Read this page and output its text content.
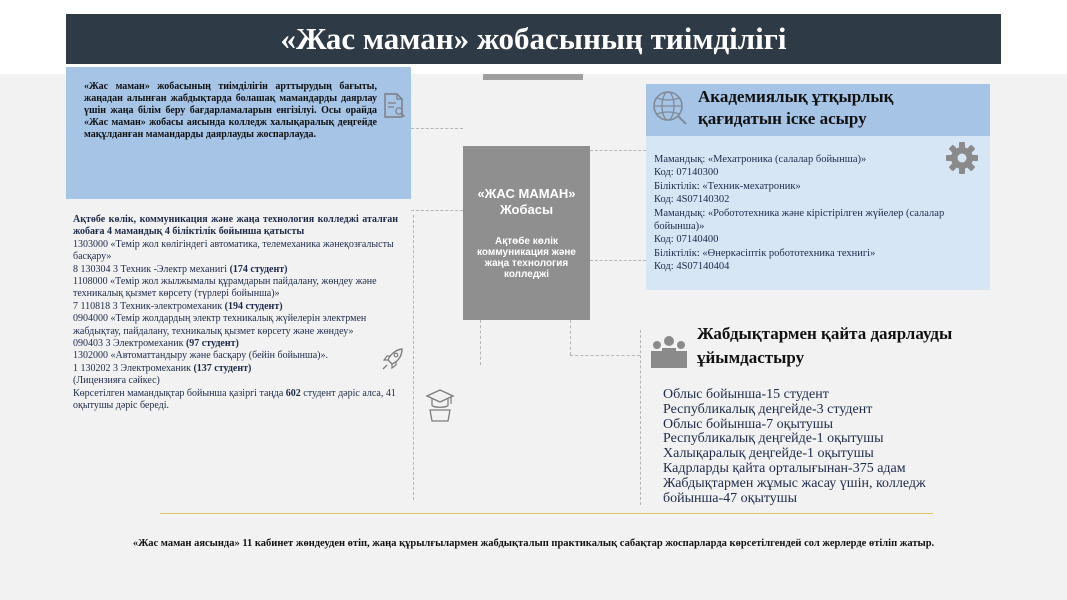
«Жас маман» жобасының тиімділігі
«ЖАС МАМАН» Жобасы
Ақтөбе көлік коммуникация және жаңа технология колледжі
«Жас маман» жобасының тиімділігін арттырудың бағыты, жаңадан алынған жабдықтарда болашақ мамандарды даярлау үшін жаңа білім беру бағдарламаларын енгізілуі. Осы орайда «Жас маман» жобасы аясында колледж халықаралық деңгейде мақұлданған мамандарды даярлауды жоспарлауда.
Академиялық ұтқырлық қағидатын іске асыру
Мамандық: «Мехатроника (салалар бойынша)»
Код: 07140300
Біліктілік: «Техник-мехатроник»
Код: 4S07140302
Мамандық: «Робототехника және кірістірілген жүйелер (салалар бойынша)»
Код: 07140400
Біліктілік: «Өнеркәсіптік робототехника технигі»
Код: 4S07140404
Ақтөбе көлік, коммуникация және жаңа технология колледжі аталған жобаға 4 мамандық 4 біліктілік бойынша қатысты
1303000 «Темір жол көлігіндегі автоматика, телемеханика жәнеқозғалысты басқару»
8 130304 3 Техник -Электр механигі (174 студент)
1108000 «Темір жол жылжымалы құрамдарын пайдалану, жөндеу және техникалық қызмет көрсету (түрлері бойынша)»
7 110818 3 Техник-электромеханик (194 студент)
0904000 «Темір жолдардың электр техникалық жүйелерін электрмен жабдықтау, пайдалану, техникалық қызмет көрсету және жөндеу»
090403 3 Электромеханик (97 студент)
1302000 «Автоматтандыру және басқару (бейін бойынша)».
1 130202 3 Электромеханик (137 студент)
(Лицензияға сәйкес)
Көрсетілген мамандықтар бойынша қазіргі таңда 602 студент дәріс алса, 41 оқытушы дәріс береді.
Жабдықтармен қайта даярлауды ұйымдастыру
Облыс бойынша-15 студент
Республикалық деңгейде-3 студент
Облыс бойынша-7 оқытушы
Республикалық деңгейде-1 оқытушы
Халықаралық деңгейде-1 оқытушы
Кадрларды қайта орталығынан-375 адам
Жабдықтармен жұмыс жасау үшін, колледж бойынша-47 оқытушы
«Жас маман аясында» 11 кабинет жөндеуден өтіп, жаңа құрылғылармен жабдықталып практикалық сабақтар жоспарларда көрсетілгендей сол жерлерде өтіліп жатыр.
